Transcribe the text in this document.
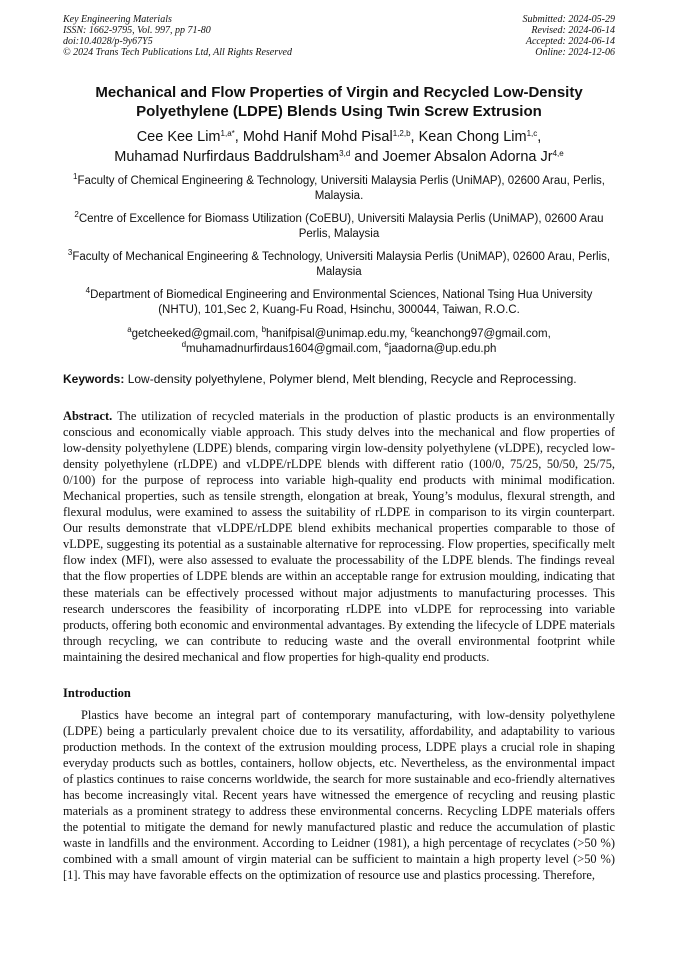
Key Engineering Materials
ISSN: 1662-9795, Vol. 997, pp 71-80
doi:10.4028/p-9y67Y5
© 2024 Trans Tech Publications Ltd, All Rights Reserved
Submitted: 2024-05-29
Revised: 2024-06-14
Accepted: 2024-06-14
Online: 2024-12-06
Mechanical and Flow Properties of Virgin and Recycled Low-Density Polyethylene (LDPE) Blends Using Twin Screw Extrusion
Cee Kee Lim$^{1,a*}$, Mohd Hanif Mohd Pisal$^{1,2,b}$, Kean Chong Lim$^{1,c}$,
Muhamad Nurfirdaus Baddrulsham$^{3,d}$ and Joemer Absalon Adorna Jr$^{4,e}$
$^1$Faculty of Chemical Engineering & Technology, Universiti Malaysia Perlis (UniMAP), 02600 Arau, Perlis, Malaysia.
$^2$Centre of Excellence for Biomass Utilization (CoEBU), Universiti Malaysia Perlis (UniMAP), 02600 Arau Perlis, Malaysia
$^3$Faculty of Mechanical Engineering & Technology, Universiti Malaysia Perlis (UniMAP), 02600 Arau, Perlis, Malaysia
$^4$Department of Biomedical Engineering and Environmental Sciences, National Tsing Hua University (NHTU), 101,Sec 2, Kuang-Fu Road, Hsinchu, 300044, Taiwan, R.O.C.
$^a$getcheeked@gmail.com, $^b$hanifpisal@unimap.edu.my, $^c$keanchong97@gmail.com,
$^d$muhamadnurfirdaus1604@gmail.com, $^e$jaadorna@up.edu.ph
Keywords: Low-density polyethylene, Polymer blend, Melt blending, Recycle and Reprocessing.
Abstract. The utilization of recycled materials in the production of plastic products is an environmentally conscious and economically viable approach. This study delves into the mechanical and flow properties of low-density polyethylene (LDPE) blends, comparing virgin low-density polyethylene (vLDPE), recycled low-density polyethylene (rLDPE) and vLDPE/rLDPE blends with different ratio (100/0, 75/25, 50/50, 25/75, 0/100) for the purpose of reprocess into variable high-quality end products with minimal modification. Mechanical properties, such as tensile strength, elongation at break, Young’s modulus, flexural strength, and flexural modulus, were examined to assess the suitability of rLDPE in comparison to its virgin counterpart. Our results demonstrate that vLDPE/rLDPE blend exhibits mechanical properties comparable to those of vLDPE, suggesting its potential as a sustainable alternative for reprocessing. Flow properties, specifically melt flow index (MFI), were also assessed to evaluate the processability of the LDPE blends. The findings reveal that the flow properties of LDPE blends are within an acceptable range for extrusion moulding, indicating that these materials can be effectively processed without major adjustments to manufacturing processes. This research underscores the feasibility of incorporating rLDPE into vLDPE for reprocessing into variable products, offering both economic and environmental advantages. By extending the lifecycle of LDPE materials through recycling, we can contribute to reducing waste and the overall environmental footprint while maintaining the desired mechanical and flow properties for high-quality end products.
Introduction
Plastics have become an integral part of contemporary manufacturing, with low-density polyethylene (LDPE) being a particularly prevalent choice due to its versatility, affordability, and adaptability to various production methods. In the context of the extrusion moulding process, LDPE plays a crucial role in shaping everyday products such as bottles, containers, hollow objects, etc. Nevertheless, as the environmental impact of plastics continues to raise concerns worldwide, the search for more sustainable and eco-friendly alternatives has become increasingly vital. Recent years have witnessed the emergence of recycling and reusing plastic materials as a prominent strategy to address these environmental concerns. Recycling LDPE materials offers the potential to mitigate the demand for newly manufactured plastic and reduce the accumulation of plastic waste in landfills and the environment. According to Leidner (1981), a high percentage of recyclates (>50 %) combined with a small amount of virgin material can be sufficient to maintain a high property level (>50 %) [1]. This may have favorable effects on the optimization of resource use and plastics processing. Therefore,
